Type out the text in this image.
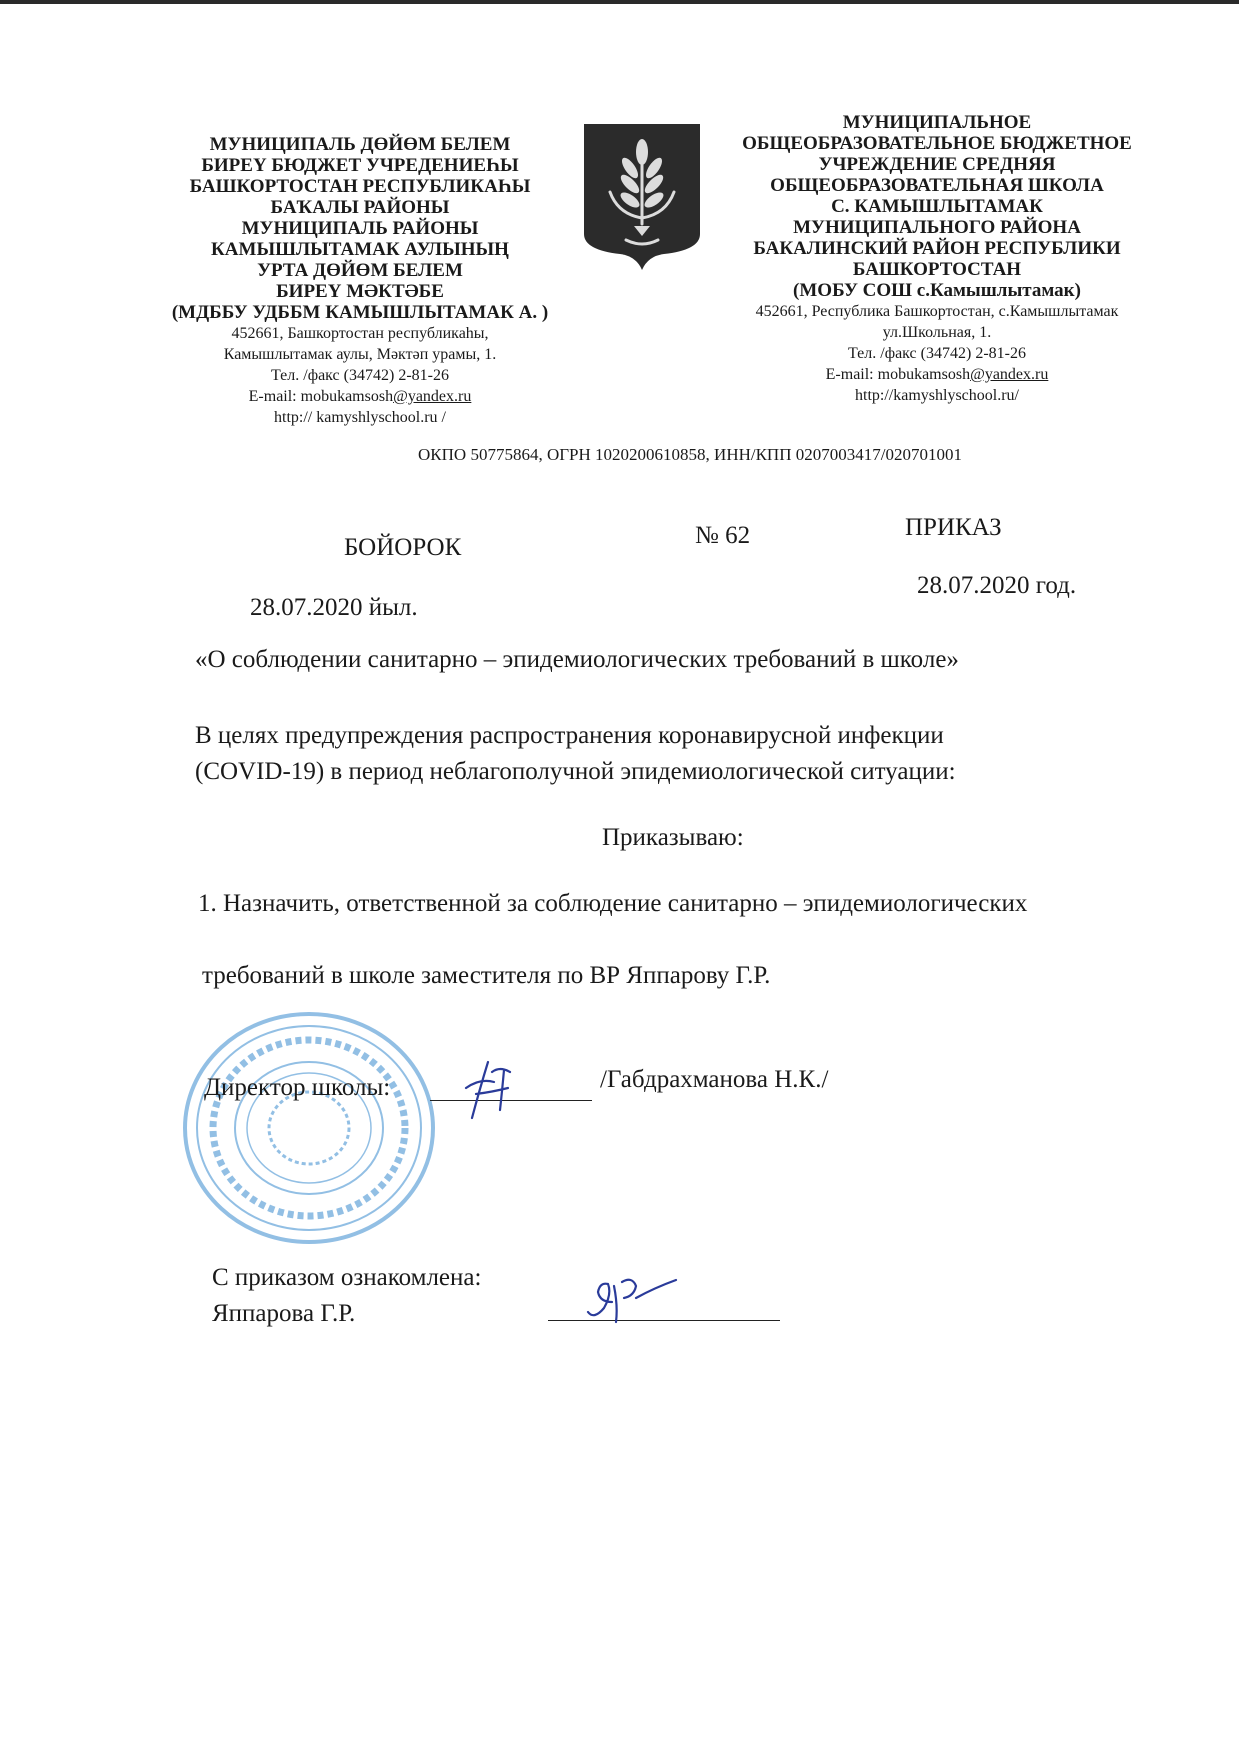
МУНИЦИПАЛЬ ДӨЙӨМ БЕЛЕМ
БИРЕҮ БЮДЖЕТ УЧРЕДЕНИЕҺЫ
БАШКОРТОСТАН РЕСПУБЛИКАҺЫ
БАҠАЛЫ РАЙОНЫ
МУНИЦИПАЛЬ РАЙОНЫ
КАМЫШЛЫТАМАК АУЛЫНЫҢ
УРТА ДӨЙӨМ БЕЛЕМ
БИРЕҮ МӘКТӘБЕ
(МДББУ УДББМ КАМЫШЛЫТАМАК А. )
452661, Башкортостан республикаһы,
Камышлытамак аулы, Мәктәп урамы, 1.
Тел. /факс (34742) 2-81-26
E-mail: mobukamsosh@yandex.ru
http:// kamyshlyschool.ru /
МУНИЦИПАЛЬНОЕ
ОБЩЕОБРАЗОВАТЕЛЬНОЕ БЮДЖЕТНОЕ
УЧРЕЖДЕНИЕ СРЕДНЯЯ
ОБЩЕОБРАЗОВАТЕЛЬНАЯ ШКОЛА
С. КАМЫШЛЫТАМАК
МУНИЦИПАЛЬНОГО РАЙОНА
БАКАЛИНСКИЙ РАЙОН РЕСПУБЛИКИ
БАШКОРТОСТАН
(МОБУ СОШ с.Камышлытамак)
452661, Республика Башкортостан, с.Камышлытамак
ул.Школьная, 1.
Тел. /факс (34742) 2-81-26
E-mail: mobukamsosh@yandex.ru
http://kamyshlyschool.ru/
ОКПО 50775864, ОГРН 1020200610858, ИНН/КПП 0207003417/020701001
БОЙОРОК	№ 62	ПРИКАЗ
28.07.2020 йыл.
28.07.2020 год.
«О соблюдении санитарно – эпидемиологических требований в школе»
В целях предупреждения распространения коронавирусной инфекции
(COVID-19) в период неблагополучной эпидемиологической ситуации:
Приказываю:
1. Назначить, ответственной за соблюдение санитарно – эпидемиологических
требований в школе заместителя по ВР Яппарову Г.Р.
Директор школы:	/Габдрахманова Н.К./
С приказом ознакомлена:
Яппарова Г.Р.
